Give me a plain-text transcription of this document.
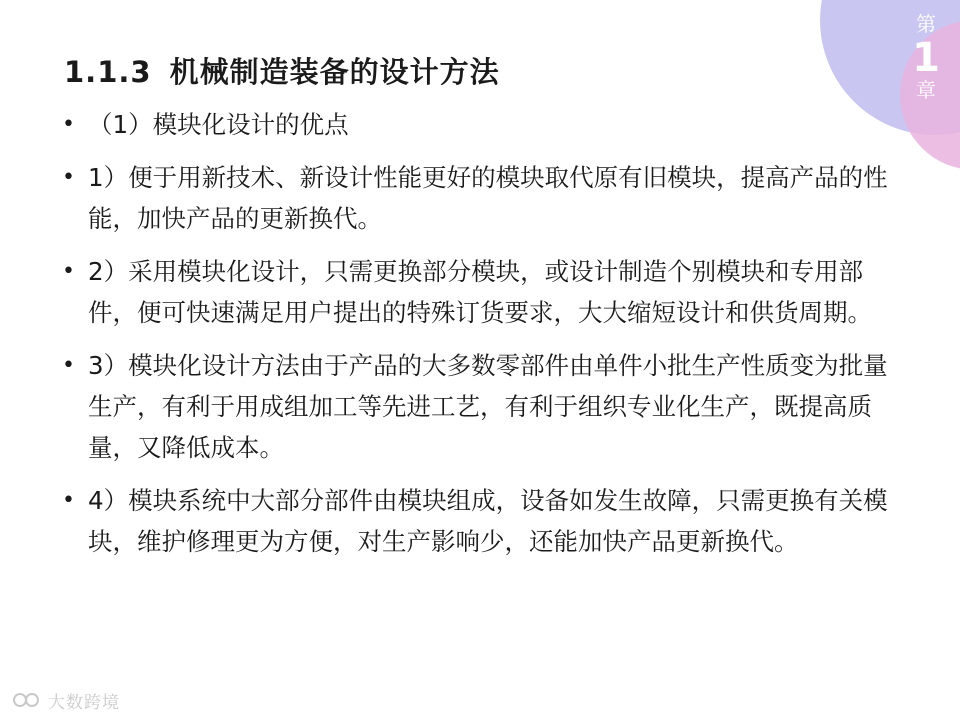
第
1
章
1.1.3 机械制造装备的设计方法
• （1）模块化设计的优点
• 1）便于用新技术、新设计性能更好的模块取代原有旧模块，提高产品的性能，加快产品的更新换代。
• 2）采用模块化设计，只需更换部分模块，或设计制造个别模块和专用部件，便可快速满足用户提出的特殊订货要求，大大缩短设计和供货周期。
• 3）模块化设计方法由于产品的大多数零部件由单件小批生产性质变为批量生产，有利于用成组加工等先进工艺，有利于组织专业化生产，既提高质量，又降低成本。
• 4）模块系统中大部分部件由模块组成，设备如发生故障，只需更换有关模块，维护修理更为方便，对生产影响少，还能加快产品更新换代。
大数跨境
